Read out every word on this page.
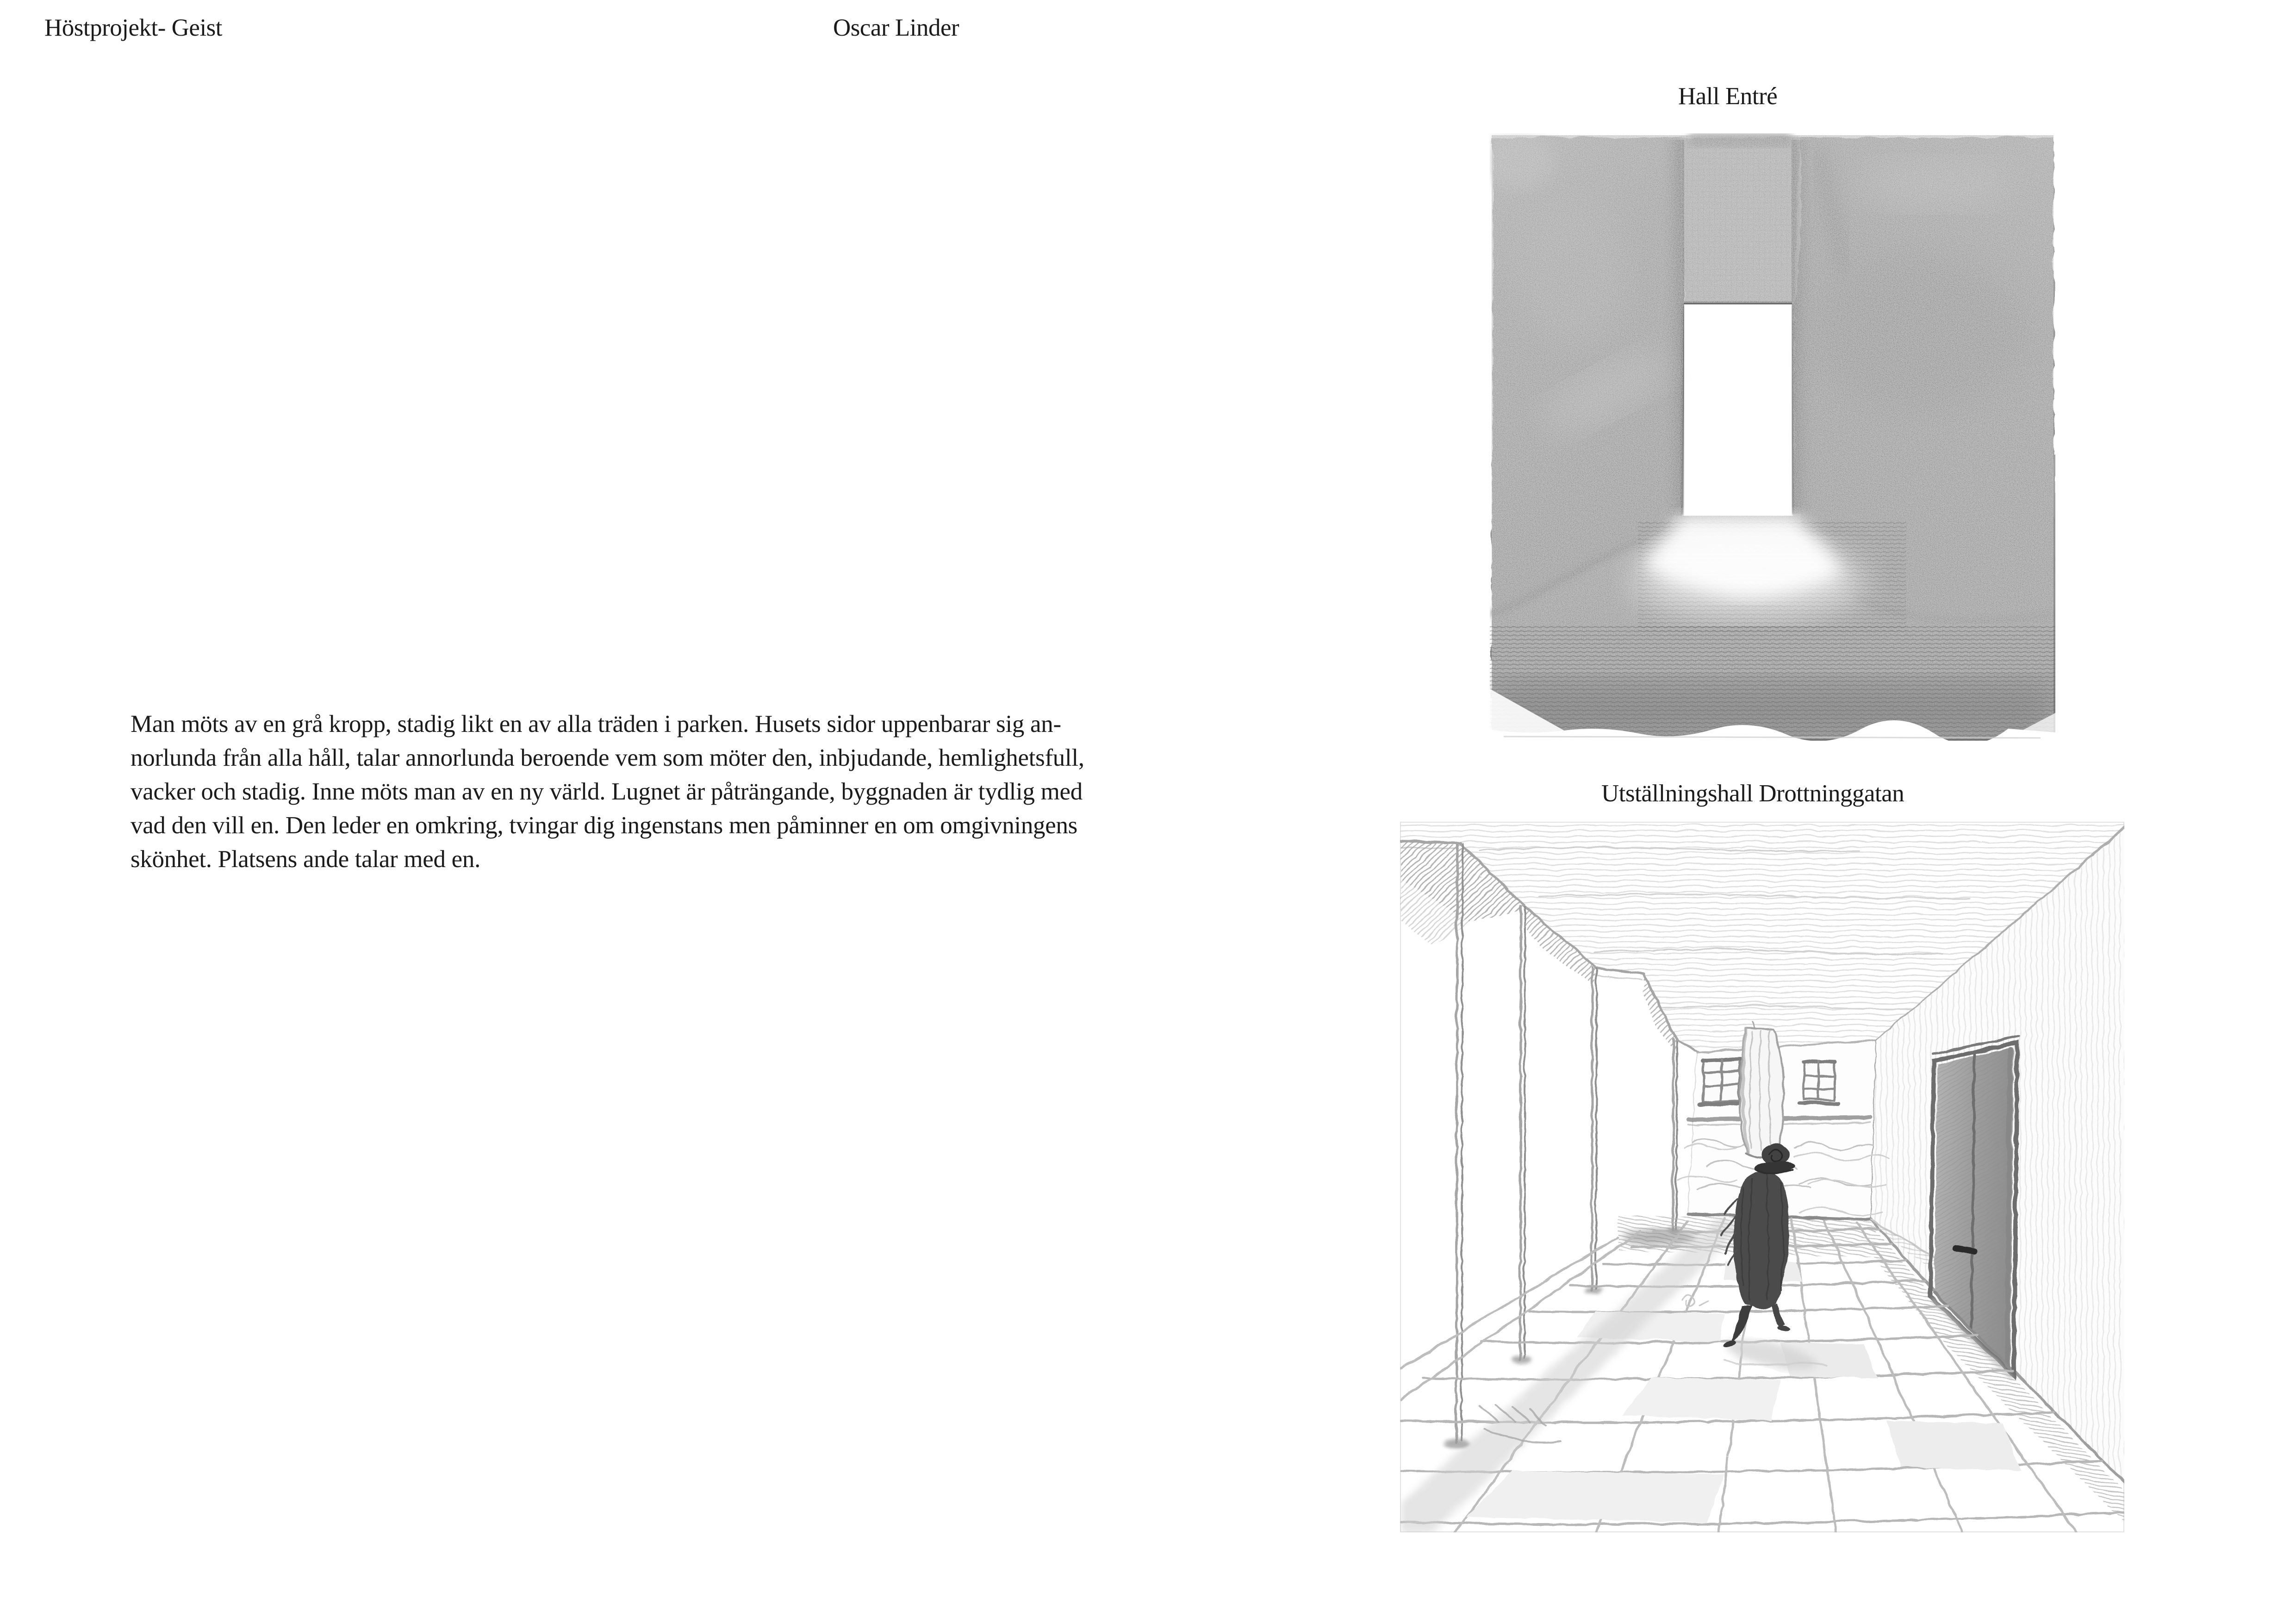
Höstprojekt- Geist	Oscar Linder
Man möts av en grå kropp, stadig likt en av alla träden i parken. Husets sidor uppenbarar sig an-
norlunda från alla håll, talar annorlunda beroende vem som möter den, inbjudande, hemlighetsfull,
vacker och stadig. Inne möts man av en ny värld. Lugnet är påträngande, byggnaden är tydlig med
vad den vill en. Den leder en omkring, tvingar dig ingenstans men påminner en om omgivningens
skönhet. Platsens ande talar med en.
Hall Entré
Utställningshall Drottninggatan
